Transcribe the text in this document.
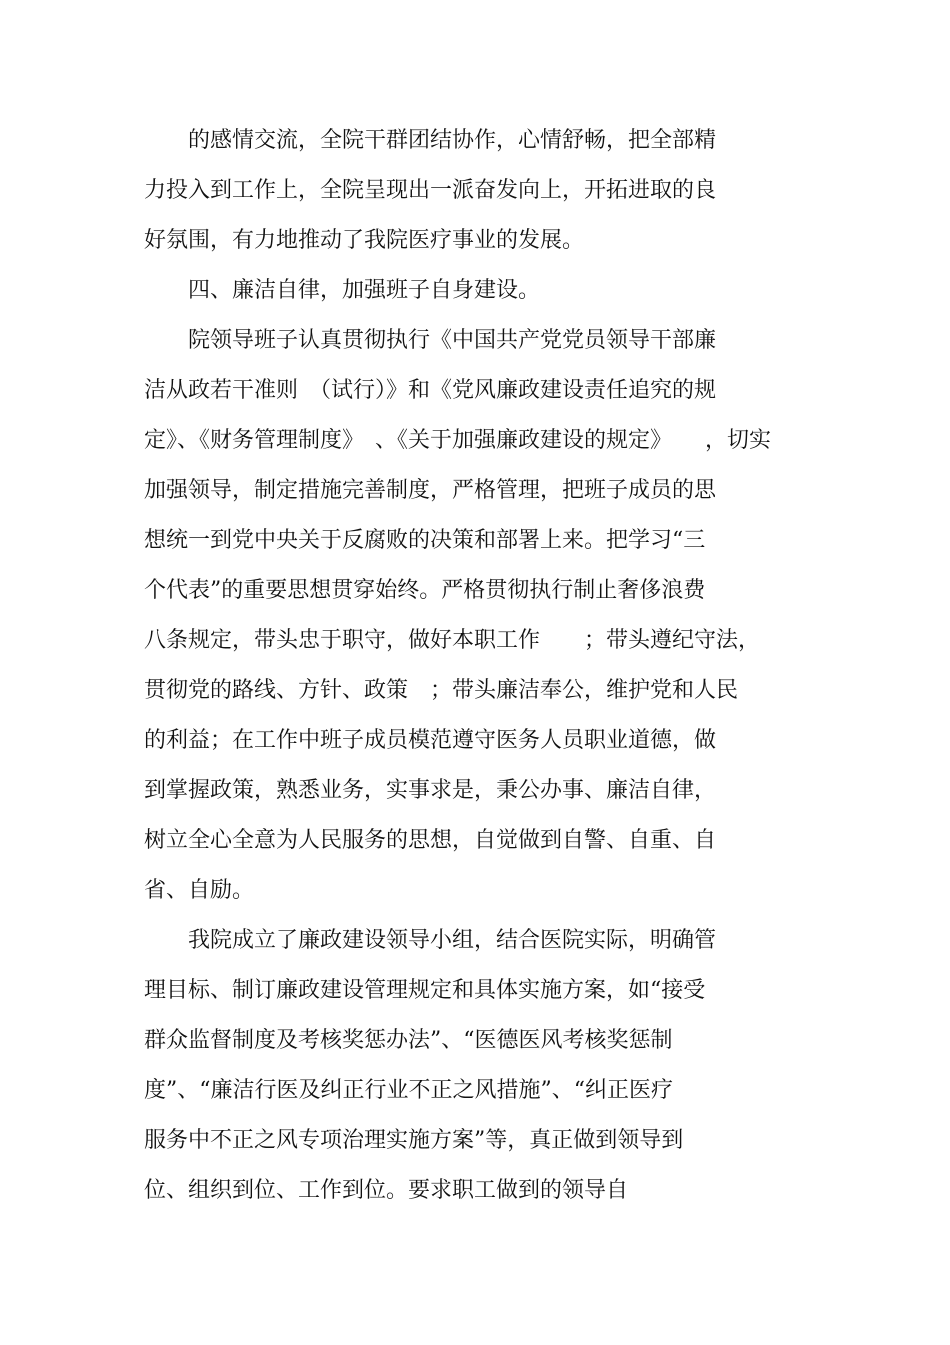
　　的感情交流，全院干群团结协作，心情舒畅，把全部精
力投入到工作上，全院呈现出一派奋发向上，开拓进取的良
好氛围，有力地推动了我院医疗事业的发展。
　　四、廉洁自律，加强班子自身建设。
　　院领导班子认真贯彻执行《中国共产党党员领导干部廉
洁从政若干准则　（试行）》和《党风廉政建设责任追究的规
定》、《财务管理制度》　、《关于加强廉政建设的规定》　　，切实
加强领导，制定措施完善制度，严格管理，把班子成员的思
想统一到党中央关于反腐败的决策和部署上来。把学习“三
个代表”的重要思想贯穿始终。严格贯彻执行制止奢侈浪费
八条规定，带头忠于职守，做好本职工作　　；带头遵纪守法，
贯彻党的路线、方针、政策　；带头廉洁奉公，维护党和人民
的利益；在工作中班子成员模范遵守医务人员职业道德，做
到掌握政策，熟悉业务，实事求是，秉公办事、廉洁自律，
树立全心全意为人民服务的思想，自觉做到自警、自重、自
省、自励。
　　我院成立了廉政建设领导小组，结合医院实际，明确管
理目标、制订廉政建设管理规定和具体实施方案，如“接受
群众监督制度及考核奖惩办法”、“医德医风考核奖惩制
度”、“廉洁行医及纠正行业不正之风措施”、“纠正医疗
服务中不正之风专项治理实施方案”等，真正做到领导到
位、组织到位、工作到位。要求职工做到的领导自
